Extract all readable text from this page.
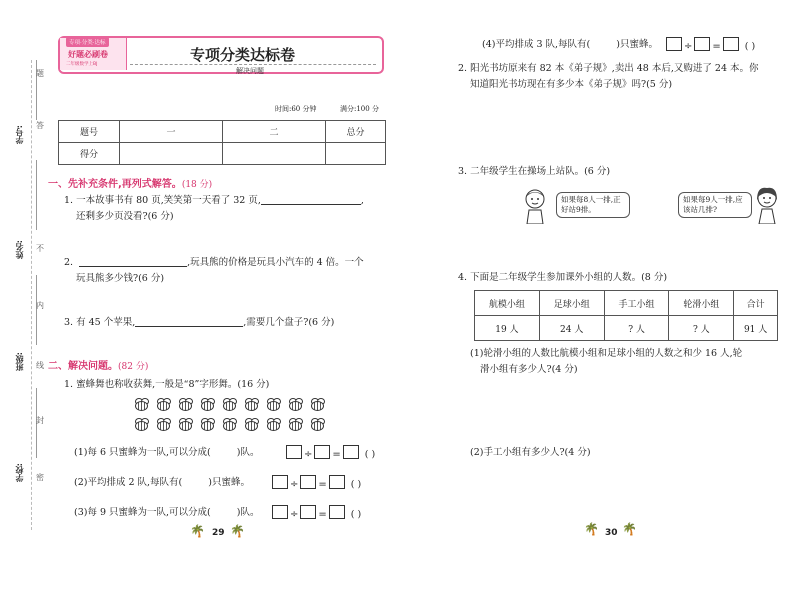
学号:
姓名:
班级:
学校:
题
答
不
内
线
封
密
专项·分类·达标
好题必刷卷
二年级数学上BJ
专项分类达标卷
解决问题
时间:60 分钟	满分:100 分
题号	一	二	总分
得分			
一、先补充条件,再列式解答。(18 分)
1. 一本故事书有 80 页,笑笑第一天看了 32 页,	,
还剩多少页没看?(6 分)
2.	,玩具熊的价格是玩具小汽车的 4 倍。一个
玩具熊多少钱?(6 分)
3. 有 45 个苹果,	,需要几个盘子?(6 分)
二、解决问题。(82 分)
1. 蜜蜂舞也称收获舞,一般是“8”字形舞。(16 分)
(1)每 6 只蜜蜂为一队,可以分成(	)队。	÷ =	( )
(2)平均排成 2 队,每队有(	)只蜜蜂。	÷ =	( )
(3)每 9 只蜜蜂为一队,可以分成(	)队。	÷ =	( )
🌴 29 🌴
(4)平均排成 3 队,每队有(	)只蜜蜂。	÷ =	( )
2. 阳光书坊原来有 82 本《弟子规》,卖出 48 本后,又购进了 24 本。你
知道阳光书坊现在有多少本《弟子规》吗?(5 分)
3. 二年级学生在操场上站队。(6 分)
如果每8人一排,正好站9排。
如果每9人一排,应该站几排?
4. 下面是二年级学生参加课外小组的人数。(8 分)
航模小组	足球小组	手工小组	轮滑小组	合计
19 人	24 人	? 人	? 人	91 人
(1)轮滑小组的人数比航模小组和足球小组的人数之和少 16 人,轮
滑小组有多少人?(4 分)
(2)手工小组有多少人?(4 分)
🌴 30 🌴
